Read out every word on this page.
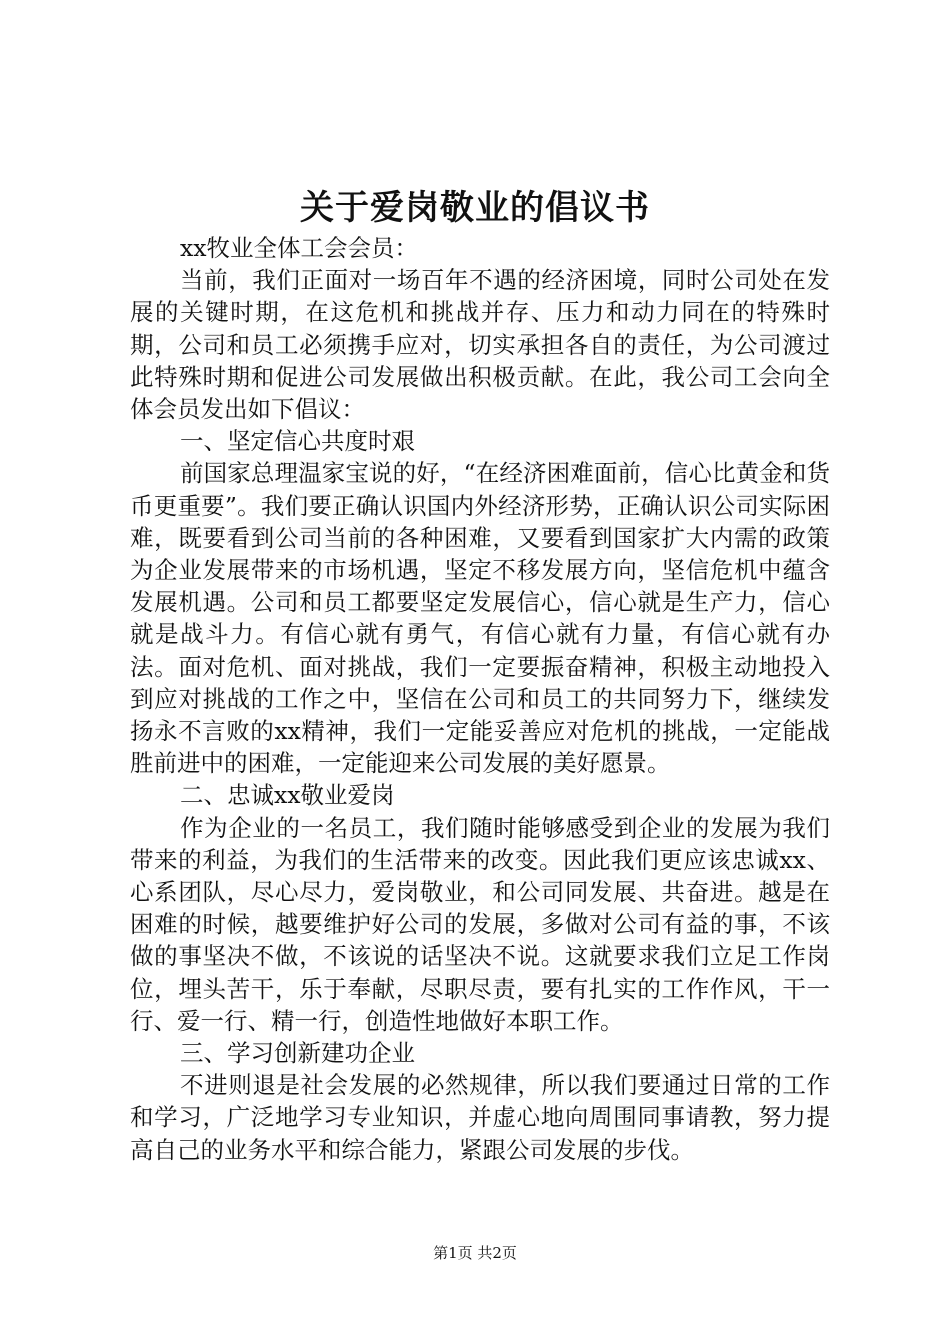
关于爱岗敬业的倡议书

xx牧业全体工会会员：

当前，我们正面对一场百年不遇的经济困境，同时公司处在发展的关键时期，在这危机和挑战并存、压力和动力同在的特殊时期，公司和员工必须携手应对，切实承担各自的责任，为公司渡过此特殊时期和促进公司发展做出积极贡献。在此，我公司工会向全体会员发出如下倡议：

一、坚定信心共度时艰

前国家总理温家宝说的好，“在经济困难面前，信心比黄金和货币更重要”。我们要正确认识国内外经济形势，正确认识公司实际困难，既要看到公司当前的各种困难，又要看到国家扩大内需的政策为企业发展带来的市场机遇，坚定不移发展方向，坚信危机中蕴含发展机遇。公司和员工都要坚定发展信心，信心就是生产力，信心就是战斗力。有信心就有勇气，有信心就有力量，有信心就有办法。面对危机、面对挑战，我们一定要振奋精神，积极主动地投入到应对挑战的工作之中，坚信在公司和员工的共同努力下，继续发扬永不言败的xx精神，我们一定能妥善应对危机的挑战，一定能战胜前进中的困难，一定能迎来公司发展的美好愿景。

二、忠诚xx敬业爱岗

作为企业的一名员工，我们随时能够感受到企业的发展为我们带来的利益，为我们的生活带来的改变。因此我们更应该忠诚xx、心系团队，尽心尽力，爱岗敬业，和公司同发展、共奋进。越是在困难的时候，越要维护好公司的发展，多做对公司有益的事，不该做的事坚决不做，不该说的话坚决不说。这就要求我们立足工作岗位，埋头苦干，乐于奉献，尽职尽责，要有扎实的工作作风，干一行、爱一行、精一行，创造性地做好本职工作。

三、学习创新建功企业

不进则退是社会发展的必然规律，所以我们要通过日常的工作和学习，广泛地学习专业知识，并虚心地向周围同事请教，努力提高自己的业务水平和综合能力，紧跟公司发展的步伐。

第1页 共2页
